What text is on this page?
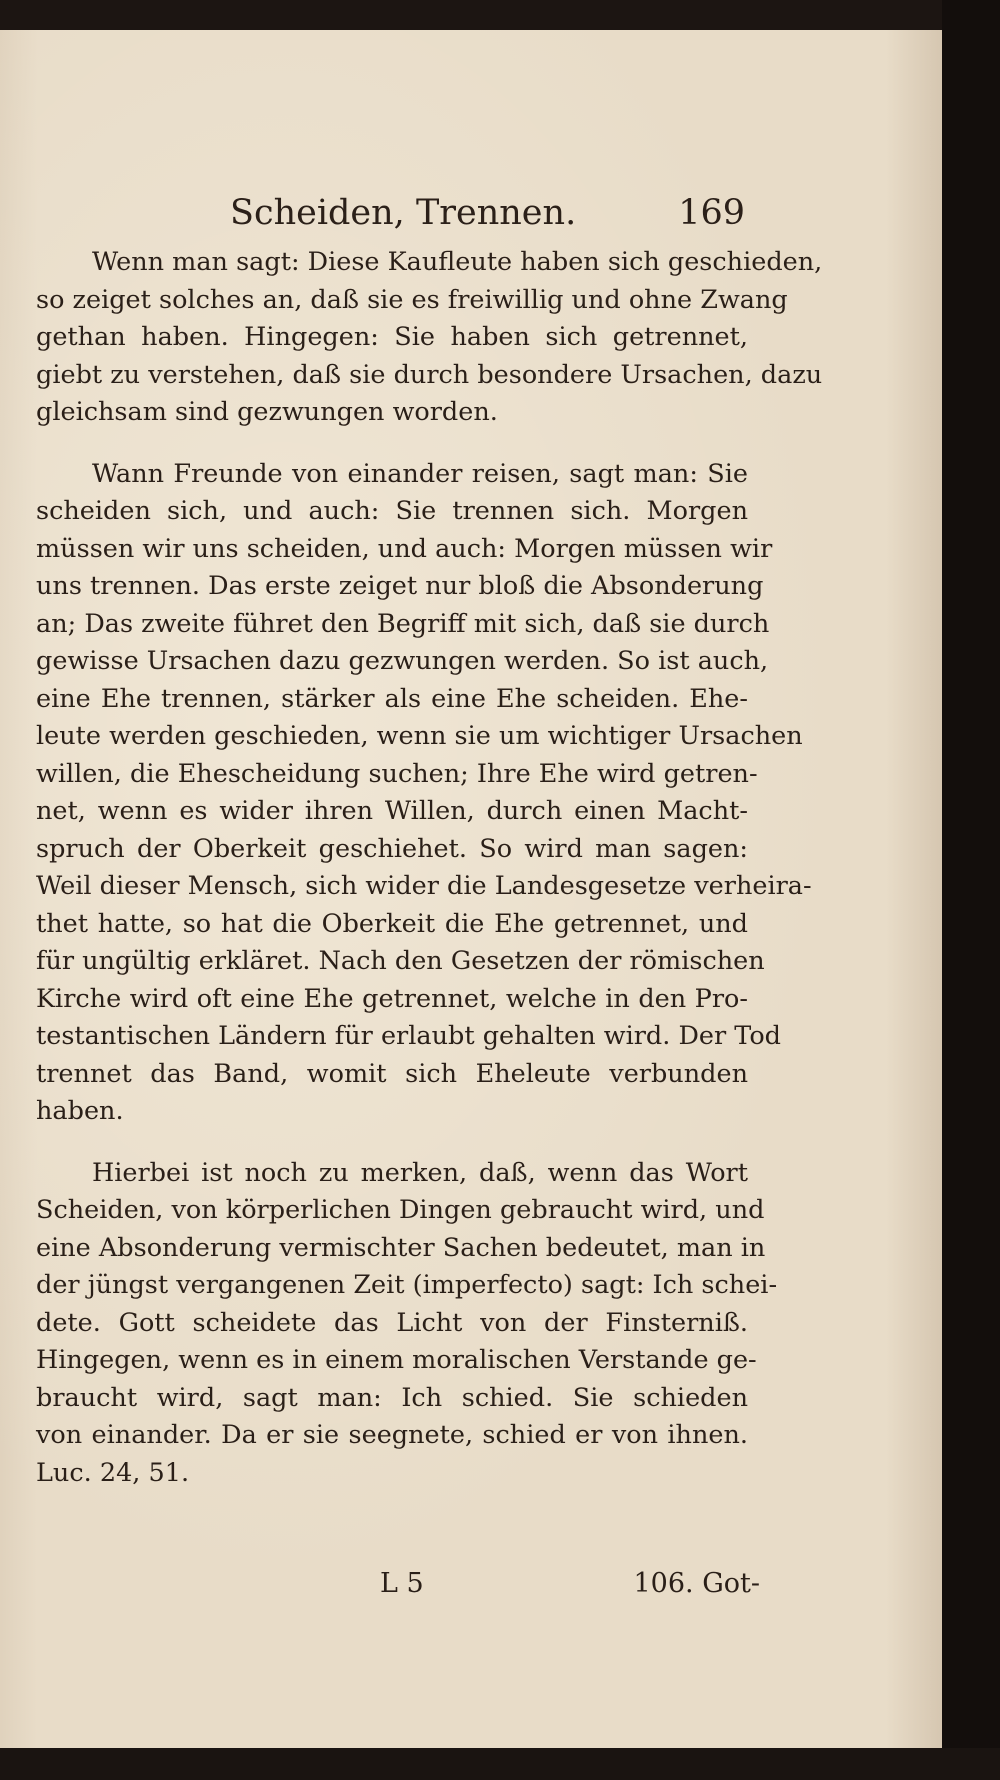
Scheiden, Trennen.	169
Wenn man sagt: Diese Kaufleute haben sich geschieden,
so zeiget solches an, daß sie es freiwillig und ohne Zwang
gethan haben. Hingegen: Sie haben sich getrennet,
giebt zu verstehen, daß sie durch besondere Ursachen, dazu
gleichsam sind gezwungen worden.
Wann Freunde von einander reisen, sagt man: Sie
scheiden sich, und auch: Sie trennen sich. Morgen
müssen wir uns scheiden, und auch: Morgen müssen wir
uns trennen. Das erste zeiget nur bloß die Absonderung
an; Das zweite führet den Begriff mit sich, daß sie durch
gewisse Ursachen dazu gezwungen werden. So ist auch,
eine Ehe trennen, stärker als eine Ehe scheiden. Ehe-
leute werden geschieden, wenn sie um wichtiger Ursachen
willen, die Ehescheidung suchen; Ihre Ehe wird getren-
net, wenn es wider ihren Willen, durch einen Macht-
spruch der Oberkeit geschiehet. So wird man sagen:
Weil dieser Mensch, sich wider die Landesgesetze verheira-
thet hatte, so hat die Oberkeit die Ehe getrennet, und
für ungültig erkläret. Nach den Gesetzen der römischen
Kirche wird oft eine Ehe getrennet, welche in den Pro-
testantischen Ländern für erlaubt gehalten wird. Der Tod
trennet das Band, womit sich Eheleute verbunden
haben.
Hierbei ist noch zu merken, daß, wenn das Wort
Scheiden, von körperlichen Dingen gebraucht wird, und
eine Absonderung vermischter Sachen bedeutet, man in
der jüngst vergangenen Zeit (imperfecto) sagt: Ich schei-
dete. Gott scheidete das Licht von der Finsterniß.
Hingegen, wenn es in einem moralischen Verstande ge-
braucht wird, sagt man: Ich schied. Sie schieden
von einander. Da er sie seegnete, schied er von ihnen.
Luc. 24, 51.
L 5	106. Got-
